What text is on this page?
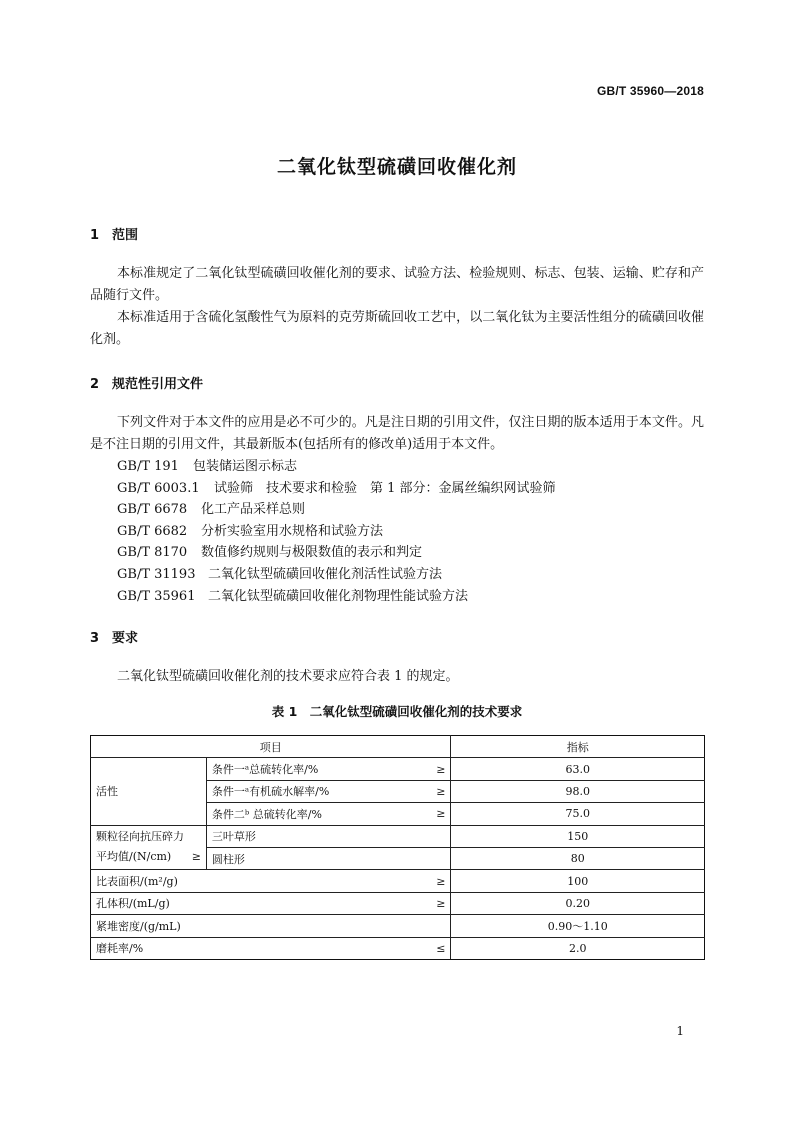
GB/T 35960—2018
二氧化钛型硫磺回收催化剂
1 范围
本标准规定了二氧化钛型硫磺回收催化剂的要求、试验方法、检验规则、标志、包装、运输、贮存和产品随行文件。
本标准适用于含硫化氢酸性气为原料的克劳斯硫回收工艺中，以二氧化钛为主要活性组分的硫磺回收催化剂。
2 规范性引用文件
下列文件对于本文件的应用是必不可少的。凡是注日期的引用文件，仅注日期的版本适用于本文件。凡是不注日期的引用文件，其最新版本(包括所有的修改单)适用于本文件。
GB/T 191 包装储运图示标志
GB/T 6003.1 试验筛　技术要求和检验　第 1 部分：金属丝编织网试验筛
GB/T 6678 化工产品采样总则
GB/T 6682 分析实验室用水规格和试验方法
GB/T 8170 数值修约规则与极限数值的表示和判定
GB/T 31193 二氧化钛型硫磺回收催化剂活性试验方法
GB/T 35961 二氧化钛型硫磺回收催化剂物理性能试验方法
3 要求
二氧化钛型硫磺回收催化剂的技术要求应符合表 1 的规定。
表 1　二氧化钛型硫磺回收催化剂的技术要求
项目		指标
活性	条件一ᵃ总硫转化率/% ≥	63.0

	条件一ᵃ有机硫水解率/% ≥	98.0

	条件二ᵇ 总硫转化率/% ≥	75.0

颗粒径向抗压碎力
平均值/(N/cm) ≥	三叶草形	150
	圆柱形	80

比表面积/(m²/g) ≥		100

孔体积/(mL/g) ≥		0.20

紧堆密度/(g/mL)		0.90～1.10

磨耗率/% ≤		2.0
1
